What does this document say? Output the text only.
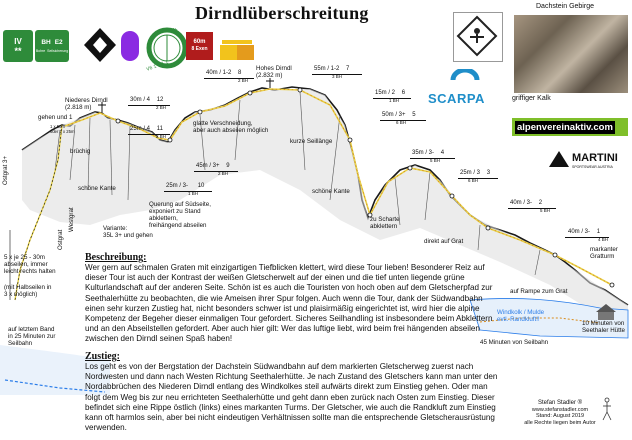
Dirndlüberschreitung
IV
**
BH E2
Bohre Seilsicherung
V6 1 8 1 1
6h
60m
8 Exen
Dachstein Gebirge
griffiger Kalk
SCARPA
alpenvereinaktiv.com
MARTINI
SPORTSWEAR AUSTRIA
40m / 3- 1
4 BH
40m / 3- 2
5 BH
25m / 3 3
6 BH
35m / 3- 4
5 BH
50m / 3+ 5
6 BH
15m / 2 6
1 BH
55m / 1-2 7
3 BH
40m / 1-2 8
2 BH
45m / 3+ 9
2 BH
25m / 3- 10
1 BH
25m / 4 11
2 BH
30m / 4 12
2 BH
Hohes Dirndl
(2.832 m)
Niederes Dirndl
(2.818 m)
gehen und 1
1 x 50m
oder 2 x 25m
brüchig
Ostgrat 3+
schöne Kante
glatte Verschneidung,
aber auch abseilen möglich
Querung auf Südseite,
exponiert zu Stand
abklettern,
freihängend abseilen
kurze Seillänge
schöne Kante
zu Scharte
abklettern
direkt auf Grat
markanter
Gratturm
Variante:
35L 3+ und gehen
Ostgrat
Westgrat
5 x je 25 - 30m
abseilen, immer
leicht rechts halten
(mit Halbseilen in
3 x möglich)
auf letztem Band
in 25 Minuten zur
Seilbahn
auf Rampe zum Grat
Windkolk / Mulde
evtl. Randkluft!!
10 Minuten von
Seethaler Hütte
45 Minuten von Seilbahn
Beschreibung:
Wer gern auf schmalen Graten mit einzigartigen Tiefblicken klettert, wird diese Tour lieben! Besonderer Reiz auf dieser Tour ist auch der Kontrast der weißen Gletscherwelt auf der einen und die tief unten liegende grüne Kulturlandschaft auf der anderen Seite. Schön ist es auch die Touristen von hoch oben auf dem Gletscherpfad zur Seethalerhütte zu beobachten, die wie Ameisen ihrer Spur folgen. Auch wenn die Tour, dank der Südwandbahn einen sehr kurzen Zustieg hat, nicht besonders schwer ist und plaisirmäßig eingerichtet ist, wird hier die alpine Kompetenz der Begeher dieser einmaligen Tour gefordert. Sicheres Seilhandling ist insbesondere beim Abklettern und an den Abseilstellen gefordert. Aber auch hier gilt: Wer das luftige liebt, wird beim frei hängenden abseilen zwischen den Dirndl seinen Spaß haben!
Zustieg:
Los geht es von der Bergstation der Dachstein Südwandbahn auf dem markierten Gletscherweg zuerst nach Nordwesten und dann nach Westen Richtung Seethalerhütte. Je nach Zustand des Gletschers kann man unter den Nordabbrüchen des Niederen Dirndl entlang des Windkolkes steil aufwärts direkt zum Einstieg gehen. Oder man folgt dem Weg bis zur neu errichteten Seethalerhütte und geht dann eben zurück nach Osten zum Einstieg. Dieser befindet sich eine Rippe östlich (links) eines markanten Turms. Der Gletscher, wie auch die Randkluft zum Einstieg kann oft harmlos sein, aber bei nicht eindeutigen Verhältnissen sollte man die entsprechende Gletscherausrüstung verwenden.
Stefan Stadler ®
www.stefanstadler.com
Stand: August 2019
alle Rechte liegen beim Autor
